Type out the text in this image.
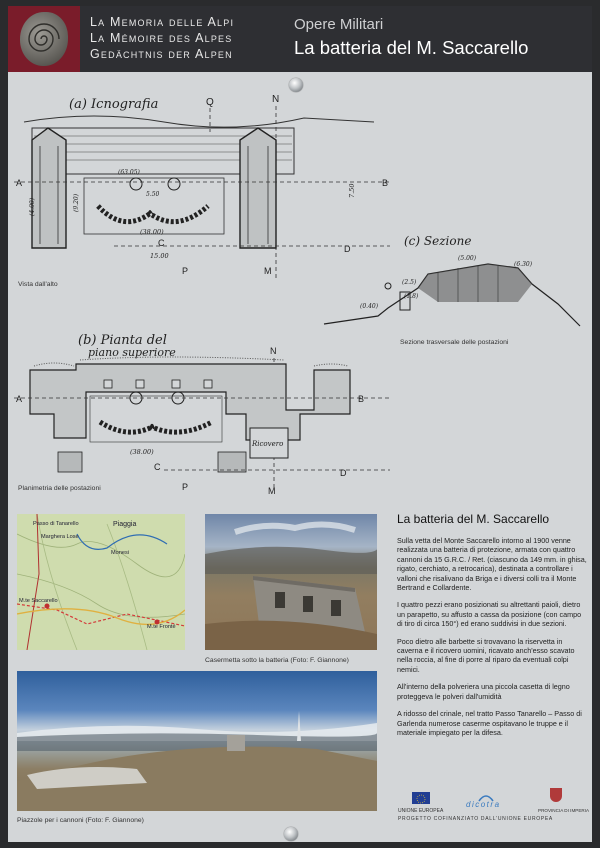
La Memoria delle Alpi
La Mémoire des Alpes
Gedächtnis der Alpen
Opere Militari
La batteria del M. Saccarello
(a) Icnografia	Q	N
A	B
C
D
P	M
(38.00)
15.00
7.50
5.50
(63.05)
(4.00)	(9.20)
Vista dall'alto
(c) Sezione
(5.00)
(6.30)
(2.5)
(1.8)
(0.40)
Sezione trasversale delle postazioni
(b) Pianta del
piano superiore	N
Ricovero
A	B
C
D
P	M
(38.00)
Planimetria delle postazioni
Passo di Tanarello
Marghera Lose
Piaggia
Monesi
M.te Saccarello
M.te Fronté
Casermetta sotto la batteria (Foto: F. Giannone)
Piazzole per i cannoni (Foto: F. Giannone)
La batteria del M. Saccarello

Sulla vetta del Monte Saccarello intorno al 1900 venne realizzata una batteria di protezione, armata con quattro cannoni da 15 G.R.C. / Ret. (ciascuno da 149 mm. in ghisa, rigato, cerchiato, a retrocarica), destinata a controllare i valloni che risalivano da Briga e i diversi colli tra il Monte Bertrand e Collardente.

I quattro pezzi erano posizionati su altrettanti paioli, dietro un parapetto, su affusto a cassa da posizione (con campo di tiro di circa 150°) ed erano suddivisi in due sezioni.

Poco dietro alle barbette si trovavano la riservetta in caverna e il ricovero uomini, ricavato anch'esso scavato nella roccia, al fine di porre al riparo da eventuali colpi nemici.

All'interno della polveriera una piccola casetta di legno proteggeva le polveri dall'umidità

A ridosso del crinale, nel tratto Passo Tanarello – Passo di Garlenda numerose caserme ospitavano le truppe e il materiale impiegato per la difesa.

UNIONE EUROPEA
dicotra
PROVINCIA DI IMPERIA
PROGETTO COFINANZIATO DALL'UNIONE EUROPEA
